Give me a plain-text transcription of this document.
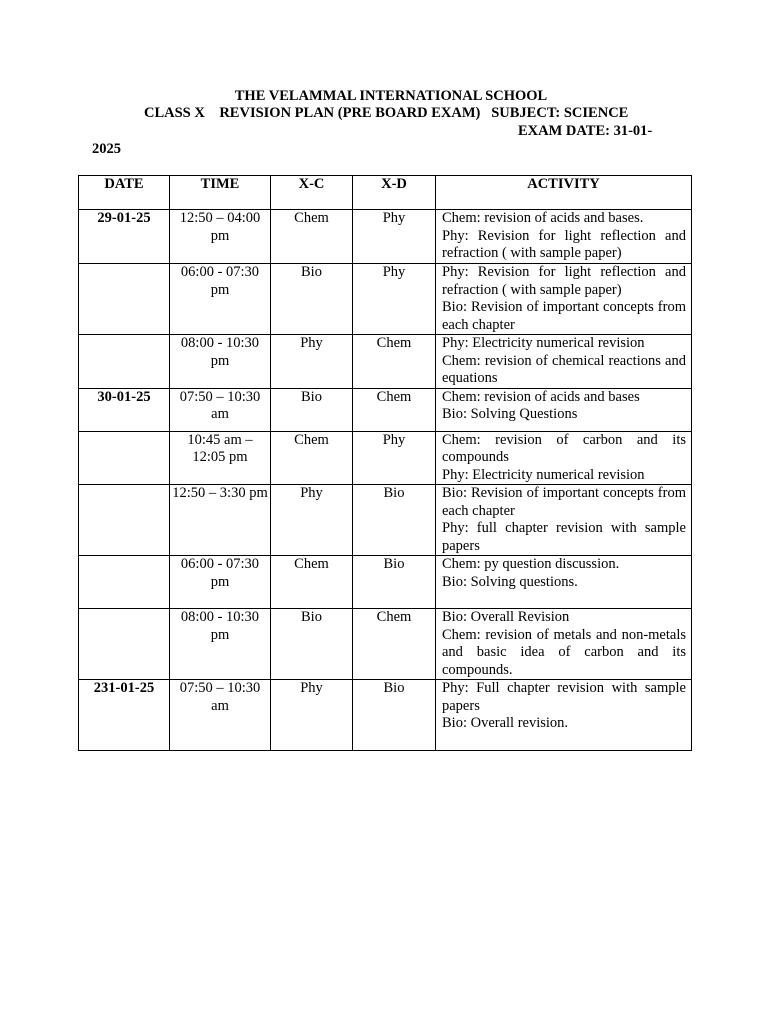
THE VELAMMAL INTERNATIONAL SCHOOL
CLASS X    REVISION PLAN (PRE BOARD EXAM)   SUBJECT: SCIENCE
EXAM DATE: 31-01-
2025
DATE	TIME	X-C	X-D	ACTIVITY
29-01-25	12:50 – 04:00 pm	Chem	Phy	Chem: revision of acids and bases.
Phy: Revision for light reflection and refraction ( with sample paper)

	06:00 - 07:30 pm	Bio	Phy	Phy: Revision for light reflection and refraction ( with sample paper)
Bio: Revision of important concepts from each chapter

	08:00 - 10:30 pm	Phy	Chem	Phy: Electricity numerical revision
Chem: revision of chemical reactions and equations

30-01-25	07:50 – 10:30 am	Bio	Chem	Chem: revision of acids and bases
Bio: Solving Questions

	10:45 am – 12:05 pm	Chem	Phy	Chem: revision of carbon and its compounds
Phy: Electricity numerical revision

	12:50 – 3:30 pm	Phy	Bio	Bio: Revision of important concepts from each chapter
Phy: full chapter revision with sample papers

	06:00 - 07:30 pm	Chem	Bio	Chem: py question discussion.
Bio: Solving questions.

	08:00 - 10:30 pm	Bio	Chem	Bio: Overall Revision
Chem: revision of metals and non-metals and basic idea of carbon and its compounds.

231-01-25	07:50 – 10:30 am	Phy	Bio	Phy: Full chapter revision with sample papers
Bio: Overall revision.
